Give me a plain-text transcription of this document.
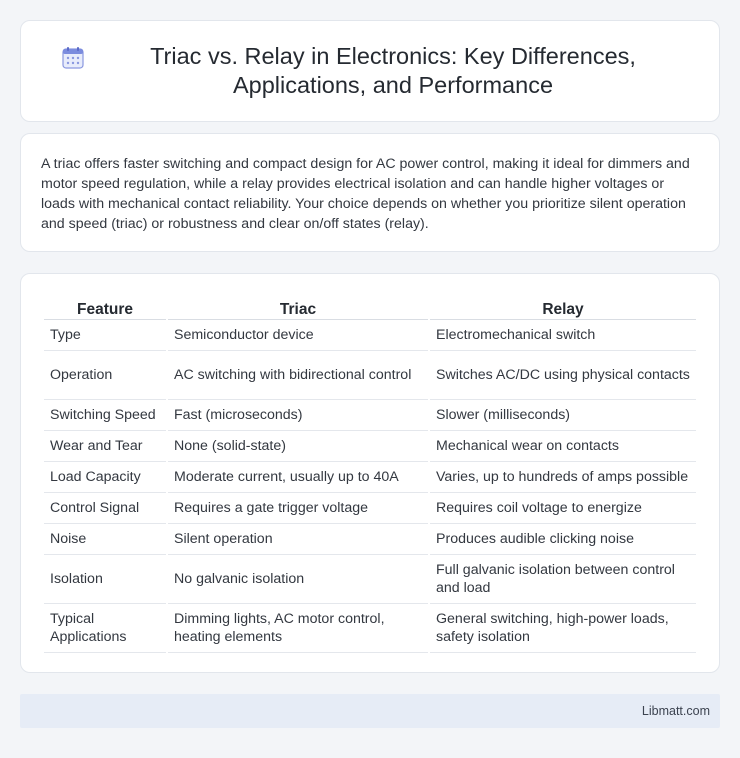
Triac vs. Relay in Electronics: Key Differences, Applications, and Performance

A triac offers faster switching and compact design for AC power control, making it ideal for dimmers and motor speed regulation, while a relay provides electrical isolation and can handle higher voltages or loads with mechanical contact reliability. Your choice depends on whether you prioritize silent operation and speed (triac) or robustness and clear on/off states (relay).

Feature	Triac	Relay
Type	Semiconductor device	Electromechanical switch
Operation	AC switching with bidirectional control	Switches AC/DC using physical contacts
Switching Speed	Fast (microseconds)	Slower (milliseconds)
Wear and Tear	None (solid-state)	Mechanical wear on contacts
Load Capacity	Moderate current, usually up to 40A	Varies, up to hundreds of amps possible
Control Signal	Requires a gate trigger voltage	Requires coil voltage to energize
Noise	Silent operation	Produces audible clicking noise
Isolation	No galvanic isolation	Full galvanic isolation between control and load
Typical Applications	Dimming lights, AC motor control, heating elements	General switching, high-power loads, safety isolation
Libmatt.com
